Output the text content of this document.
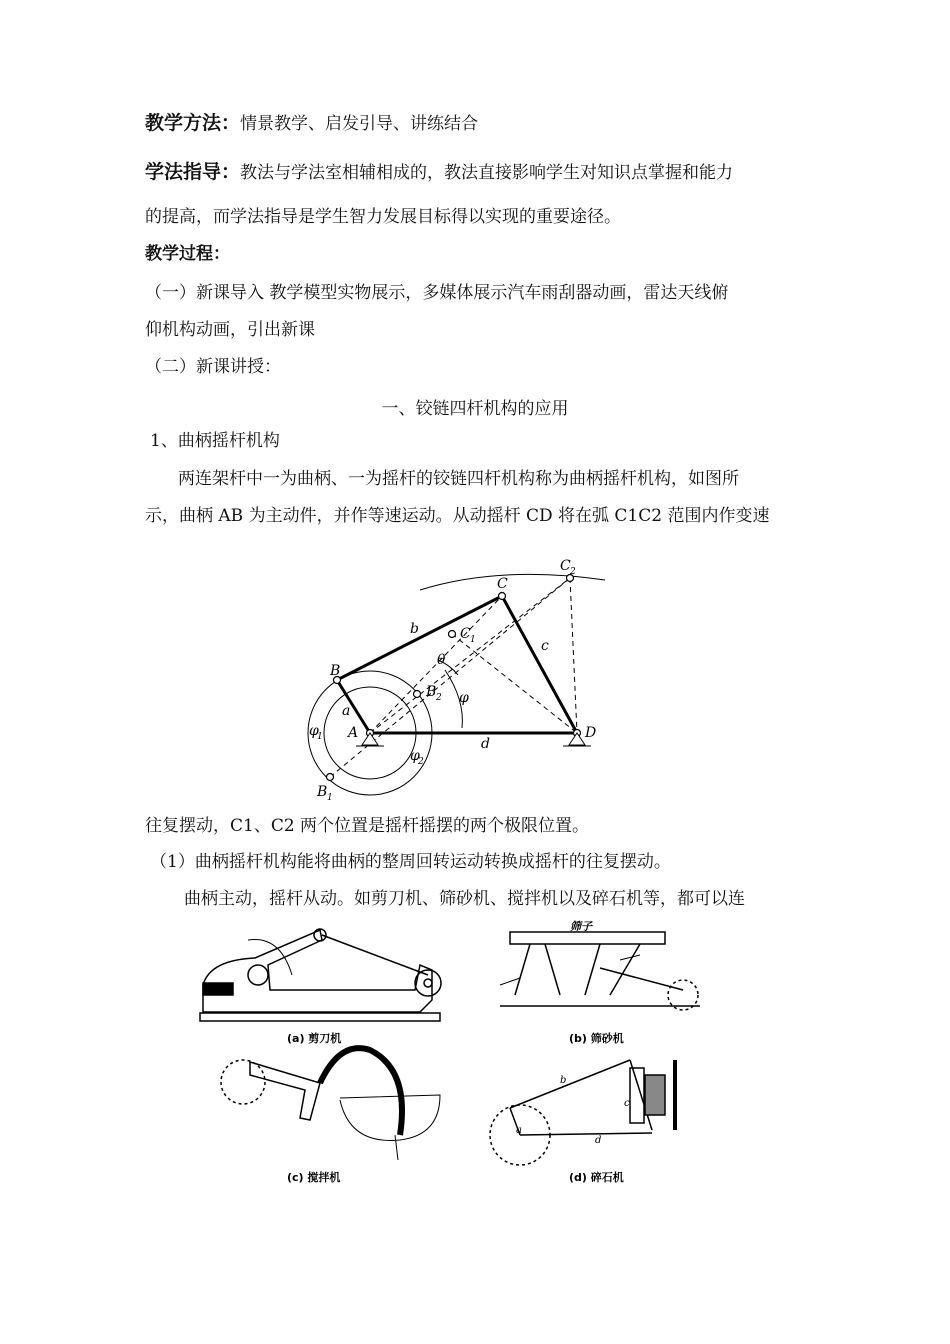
教学方法：情景教学、启发引导、讲练结合
学法指导：教法与学法室相辅相成的，教法直接影响学生对知识点掌握和能力
的提高，而学法指导是学生智力发展目标得以实现的重要途径。
教学过程：
（一）新课导入 教学模型实物展示，多媒体展示汽车雨刮器动画，雷达天线俯
仰机构动画，引出新课
（二）新课讲授：
一、铰链四杆机构的应用
1、曲柄摇杆机构
两连架杆中一为曲柄、一为摇杆的铰链四杆机构称为曲柄摇杆机构，如图所
示，曲柄 AB 为主动件，并作等速运动。从动摇杆 CD 将在弧 C1C2 范围内作变速
B
A
C
C 2
C 1
B 2
B 1
D
a
b
c
d
θ
φ
φ
1
φ
2
往复摆动，C1、C2 两个位置是摇杆摇摆的两个极限位置。
（1）曲柄摇杆机构能将曲柄的整周回转运动转换成摇杆的往复摆动。
曲柄主动，摇杆从动。如剪刀机、筛砂机、搅拌机以及碎石机等，都可以连
筛子
a
b
c
d
(a) 剪刀机	(b) 筛砂机
(c) 搅拌机	(d) 碎石机
